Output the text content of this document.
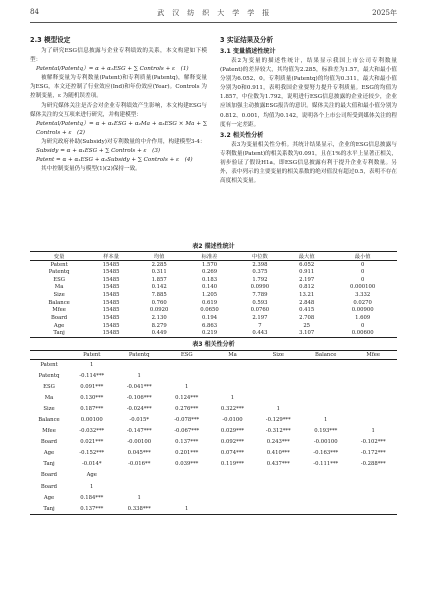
84	武　汉　纺　织　大　学　学　报	2025年
2.3 模型设定

为了研究ESG信息披露与企业专利绩效的关系，本文构建如下模型：

Patental/Patentq）= α + α₁ESG + ∑ Controls + ε　(1)

被解释变量为专利数量(Patent)和专利质量(Patentq)，解释变量为ESG，本文还控制了行业效应(Ind)和年份效应(Year)。Controls 为控制变量，ε 为随机误差项。

为研究媒体关注是否会对企业专利绩效产生影响，本文构建ESG与媒体关注的交互项来进行研究，并构建模型：

Patental/Patentq）= α + α₁ESG + α₂Ma + α₃ESG × Ma + ∑ Controls + ε　(2)

为研究政府补助(Subsidy)对专利数量的中介作用，构建模型3-4：

Subsidy = α + α₁ESG + ∑ Controls + ε　(3)

Patent = α + α₁ESG + α₂Subsidy + ∑ Controls + ε　(4)

其中控制变量仍与模型(1)(2)保持一致。

3 实证结果及分析
3.1 变量描述性统计

表2为变量的描述性统计，结果显示我国上市公司专利数量(Patent)的差异较大，其均值为2.285，标准差为1.57，最大和最小值分别为6.052、0。专利质量(Patentq)的均值为0.311，最大和最小值分别为0和0.911，表明我国企业要努力提升专利质量。ESG的均值为1.857，中位数为1.792，说明进行ESG信息披露的企业还较少，企业应该加强主动披露ESG报告的意识。媒体关注的最大值和最小值分别为0.812、0.001，均值为0.142，说明各个上市公司所受到媒体关注的程度有一定差距。

3.2 相关性分析

表3为变量相关性分析。其统计结果显示，企业的ESG信息披露与专利数量(Patent)的相关系数为0.091，且在1%的水平上显著正相关，初步验证了假设H1a，即ESG信息披露有利于提升企业专利数量。另外，表中列示的主要变量的相关系数的绝对值没有超过0.5，表明不存在高度相关变量。

表2 描述性统计
变量	样本量	均值	标准差	中位数	最大值	最小值
Patent	15485	2.285	1.570	2.398	6.052	0
Patentq	15485	0.311	0.269	0.375	0.911	0
ESG	15485	1.857	0.183	1.792	2.197	0
Ma	15485	0.142	0.140	0.0990	0.812	0.000100
Size	15485	7.885	1.205	7.789	13.21	3.332
Balance	15485	0.760	0.619	0.593	2.848	0.0270
Mfee	15485	0.0920	0.0650	0.0760	0.415	0.00900
Board	15485	2.130	0.194	2.197	2.708	1.609
Age	15485	8.279	6.863	7	25	0
Tanj	15485	0.449	0.219	0.443	3.107	0.00600
表3 相关性分析
	Patent	Patentq	ESG	Ma	Size	Balance	Mfee
Patent	1						
Patentq	-0.114***	1					
ESG	0.091***	-0.041***	1				
Ma	0.130***	-0.106***	0.124***	1			
Size	0.187***	-0.024***	0.276***	0.322***	1		
Balance	0.00100	-0.015*	-0.078***	-0.0100	-0.129***	1	
Mfee	-0.032***	-0.147***	-0.067***	0.029***	-0.312***	0.193***	1
Board	0.021***	-0.00100	0.137***	0.092***	0.243***	-0.00100	-0.102***
Age	-0.152***	0.045***	0.201***	0.074***	0.410***	-0.163***	-0.172***
Tanj	-0.014*	-0.016**	0.039***	0.119***	0.437***	-0.111***	-0.288***
Board	Age						
Board	1						
Age	0.184***	1					
Tanj	0.137***	0.338***	1				
